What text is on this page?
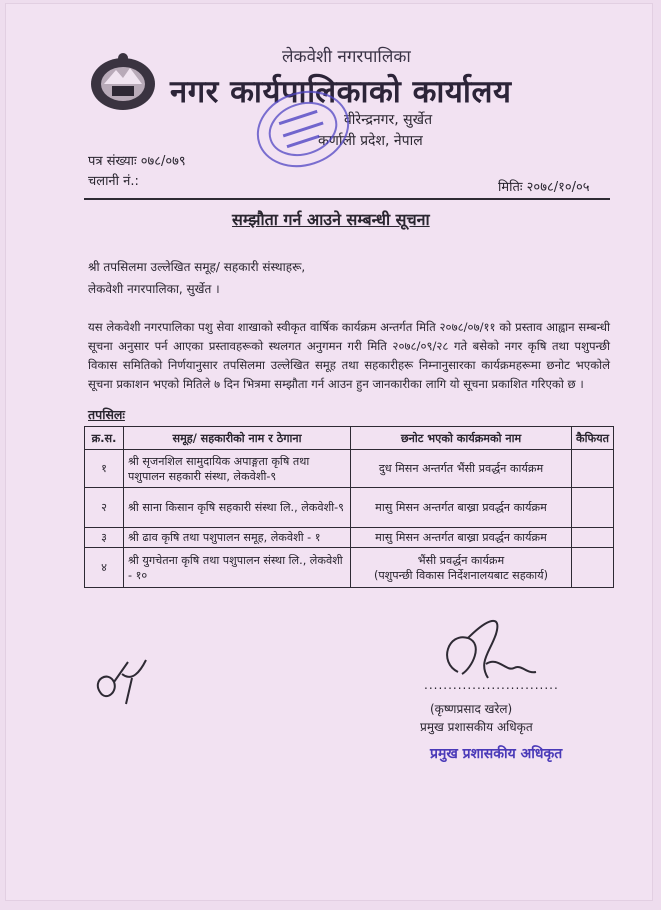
लेकवेशी नगरपालिका
नगर कार्यपालिकाको कार्यालय
वीरेन्द्रनगर, सुर्खेत
कर्णाली प्रदेश, नेपाल
पत्र संख्याः ०७८/०७९
चलानी नं.:	मितिः २०७८/१०/०५
सम्झौता गर्न आउने सम्बन्धी सूचना
श्री तपसिलमा उल्लेखित समूह/ सहकारी संस्थाहरू,
लेकवेशी नगरपालिका, सुर्खेत ।
यस लेकवेशी नगरपालिका पशु सेवा शाखाको स्वीकृत वार्षिक कार्यक्रम अन्तर्गत मिति २०७८/०७/११ को प्रस्ताव आह्वान सम्बन्धी सूचना अनुसार पर्न आएका प्रस्तावहरूको स्थलगत अनुगमन गरी मिति २०७८/०९/२८ गते बसेको नगर कृषि तथा पशुपन्छी विकास समितिको निर्णयानुसार तपसिलमा उल्लेखित समूह तथा सहकारीहरू निम्नानुसारका कार्यक्रमहरूमा छनोट भएकोले सूचना प्रकाशन भएको मितिले ७ दिन भित्रमा सम्झौता गर्न आउन हुन जानकारीका लागि यो सूचना प्रकाशित गरिएको छ ।
तपसिलः
क्र.स.	समूह/ सहकारीको नाम र ठेगाना	छनोट भएको कार्यक्रमको नाम	कैफियत
१	श्री सृजनशिल सामुदायिक अपाङ्गता कृषि तथा पशुपालन सहकारी संस्था, लेकवेशी-९	दुध मिसन अन्तर्गत भैंसी प्रवर्द्धन कार्यक्रम	
२	श्री साना किसान कृषि सहकारी संस्था लि., लेकवेशी-९	मासु मिसन अन्तर्गत बाख्रा प्रवर्द्धन कार्यक्रम	
३	श्री ढाव कृषि तथा पशुपालन समूह, लेकवेशी - १	मासु मिसन अन्तर्गत बाख्रा प्रवर्द्धन कार्यक्रम	
४	श्री युगचेतना कृषि तथा पशुपालन संस्था लि., लेकवेशी - १०	भैंसी प्रवर्द्धन कार्यक्रम
(पशुपन्छी विकास निर्देशनालयबाट सहकार्य)	

............................
(कृष्णप्रसाद खरेल)
प्रमुख प्रशासकीय अधिकृत
प्रमुख प्रशासकीय अधिकृत
